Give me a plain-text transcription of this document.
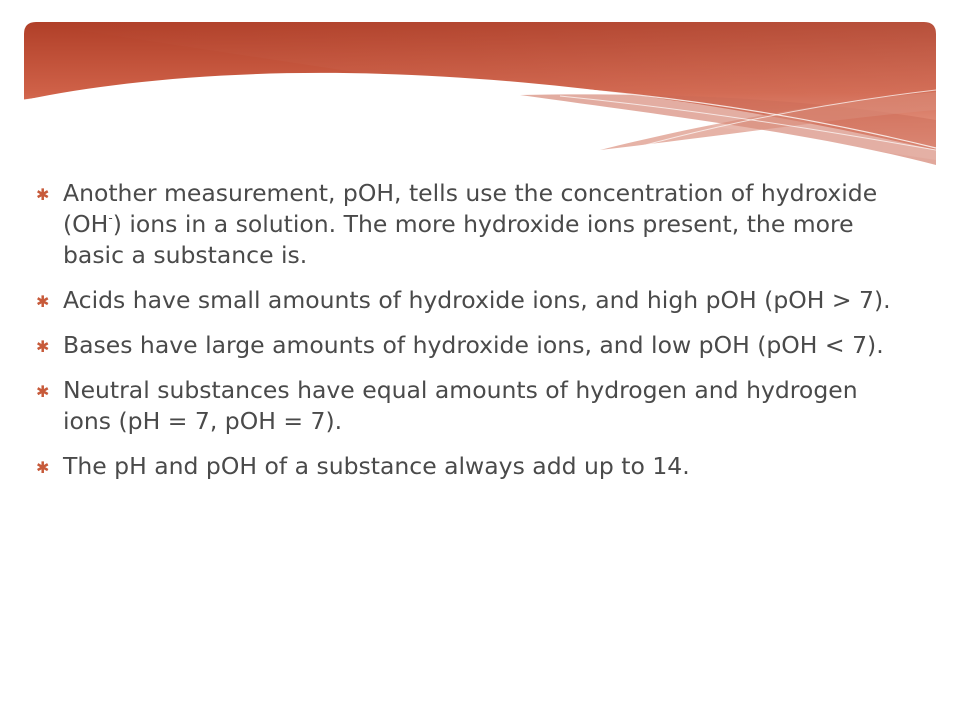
✱ Another measurement, pOH, tells use the concentration of hydroxide (OH-) ions in a solution. The more hydroxide ions present, the more basic a substance is.
✱ Acids have small amounts of hydroxide ions, and high pOH (pOH > 7).
✱ Bases have large amounts of hydroxide ions, and low pOH (pOH < 7).
✱ Neutral substances have equal amounts of hydrogen and hydrogen ions (pH = 7, pOH = 7).
✱ The pH and pOH of a substance always add up to 14.
